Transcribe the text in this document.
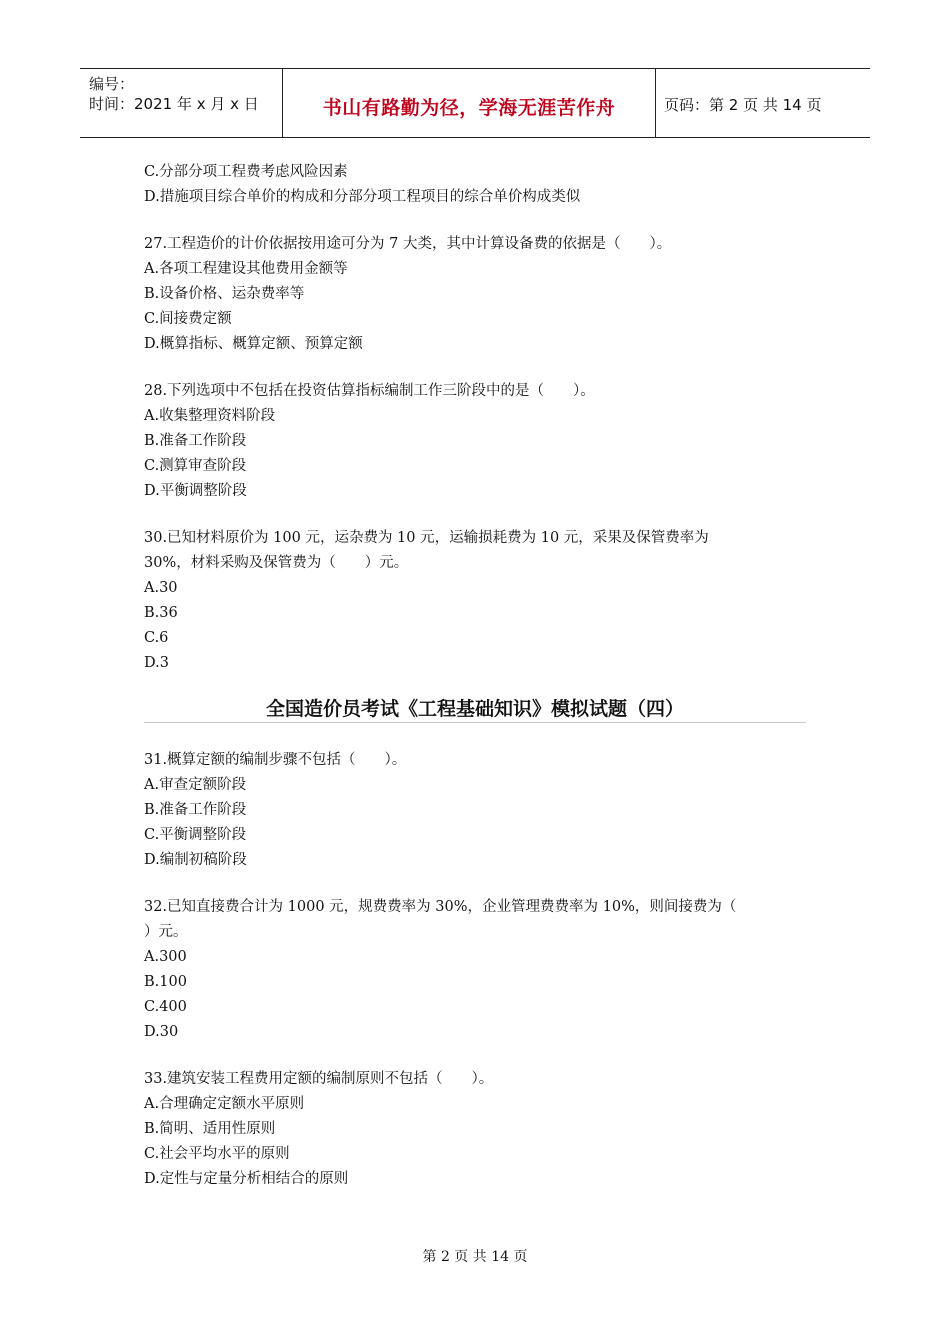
编号：
时间：2021 年 x 月 x 日	书山有路勤为径，学海无涯苦作舟	页码：第 2 页 共 14 页
C.分部分项工程费考虑风险因素
D.措施项目综合单价的构成和分部分项工程项目的综合单价构成类似
27.工程造价的计价依据按用途可分为 7 大类，其中计算设备费的依据是（　　）。
A.各项工程建设其他费用金额等
B.设备价格、运杂费率等
C.间接费定额
D.概算指标、概算定额、预算定额
28.下列选项中不包括在投资估算指标编制工作三阶段中的是（　　）。
A.收集整理资料阶段
B.准备工作阶段
C.测算审查阶段
D.平衡调整阶段
30.已知材料原价为 100 元，运杂费为 10 元，运输损耗费为 10 元，采果及保管费率为
30%，材料采购及保管费为（　　）元。
A.30
B.36
C.6
D.3
全国造价员考试《工程基础知识》模拟试题（四）
31.概算定额的编制步骤不包括（　　）。
A.审查定额阶段
B.准备工作阶段
C.平衡调整阶段
D.编制初稿阶段
32.已知直接费合计为 1000 元，规费费率为 30%，企业管理费费率为 10%，则间接费为（
）元。
A.300
B.100
C.400
D.30
33.建筑安装工程费用定额的编制原则不包括（　　）。
A.合理确定定额水平原则
B.简明、适用性原则
C.社会平均水平的原则
D.定性与定量分析相结合的原则
第 2 页 共 14 页
